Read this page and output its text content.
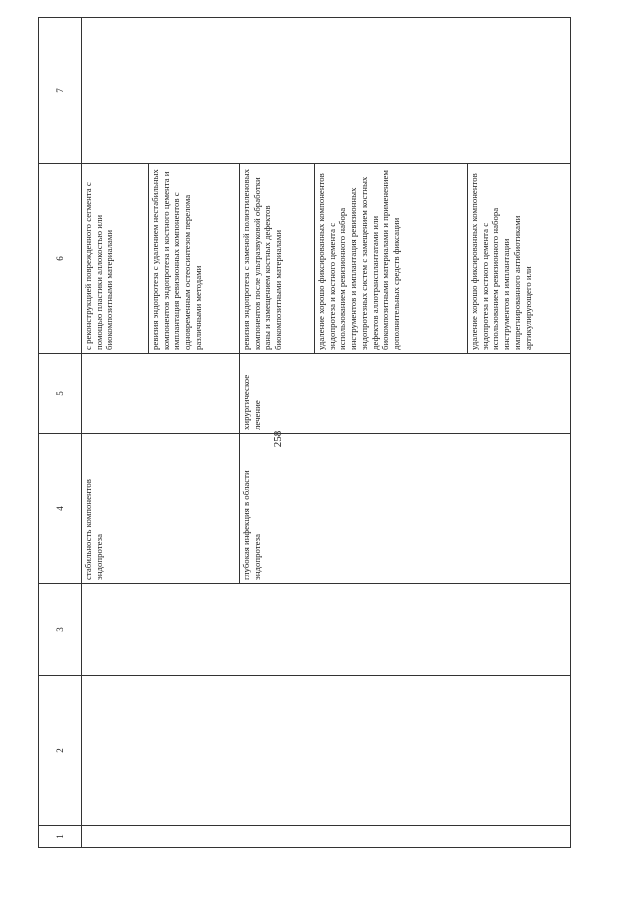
258
1	2	3	4	5	6	7

			стабильность компонентов эндопротеза		с реконструкцией поврежденного сегмента с помощью пластики аллокостью или биокомпозитными материалами	

					ревизия эндопротеза с удалением нестабильных компонентов эндопротеза и костного цемента и имплантация ревизионных компонентов с одновременным остеосинтезом перелома различными методами	

			глубокая инфекция в области эндопротеза	хирургическое лечение	ревизия эндопротеза с заменой полиэтиленовых компонентов после ультразвуковой обработки раны и замещением костных дефектов биокомпозитными материалами	

					удаление хорошо фиксированных компонентов эндопротеза и костного цемента с использованием ревизионного набора инструментов и имплантация ревизионных эндопротезных систем с замещением костных дефектов аллотрансплантатами или биокомпозитными материалами и применением дополнительных средств фиксации	

					удаление хорошо фиксированных компонентов эндопротеза и костного цемента с использованием ревизионного набора инструментов и имплантации импрегнированного антибиотиками артикулирующего или	
